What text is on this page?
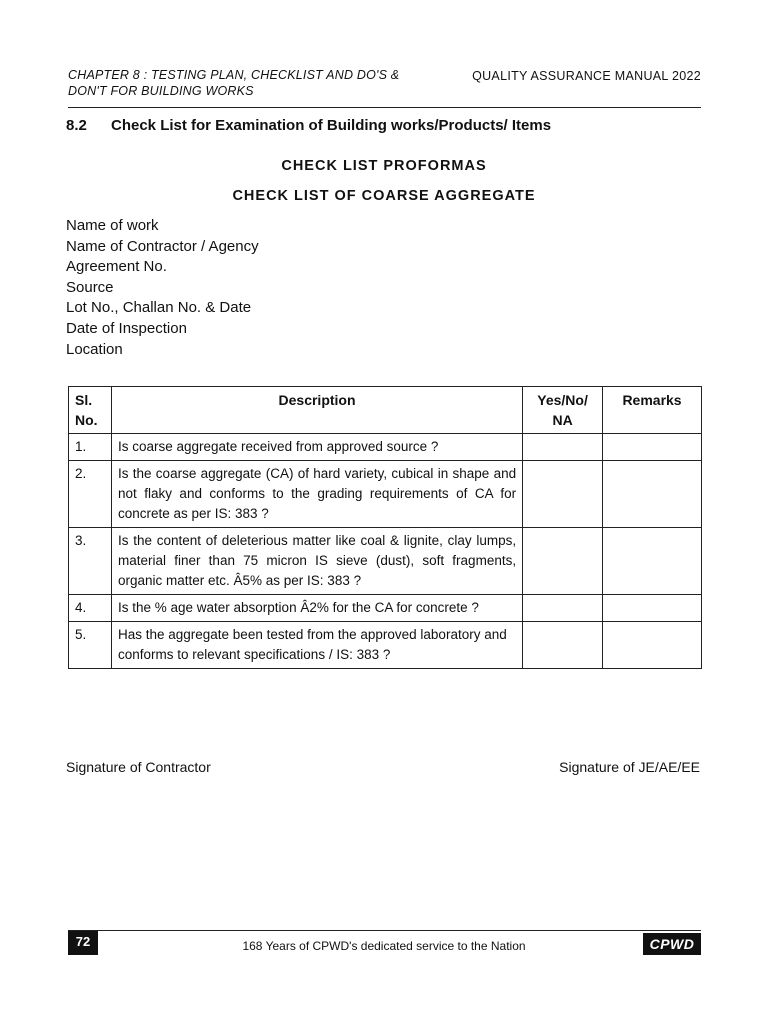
CHAPTER 8 : TESTING PLAN, CHECKLIST AND DO'S & DON'T FOR BUILDING WORKS
QUALITY ASSURANCE MANUAL 2022
8.2 Check List for Examination of Building works/Products/ Items
CHECK LIST PROFORMAS
CHECK LIST OF COARSE AGGREGATE
Name of work
Name of Contractor / Agency
Agreement No.
Source
Lot No., Challan No. & Date
Date of Inspection
Location
Sl. No.	Description	Yes/No/ NA	Remarks
1.	Is coarse aggregate received from approved source ?		
2.	Is the coarse aggregate (CA) of hard variety, cubical in shape and not flaky and conforms to the grading requirements of CA for concrete as per IS: 383 ?		
3.	Is the content of deleterious matter like coal & lignite, clay lumps, material finer than 75 micron IS sieve (dust), soft fragments, organic matter etc. Â5% as per IS: 383 ?		
4.	Is the % age water absorption Â2% for the CA for concrete ?		
5.	Has the aggregate been tested from the approved laboratory and conforms to relevant specifications / IS: 383 ?		
Signature of Contractor	Signature of JE/AE/EE
72	168 Years of CPWD's dedicated service to the Nation	CPWD
